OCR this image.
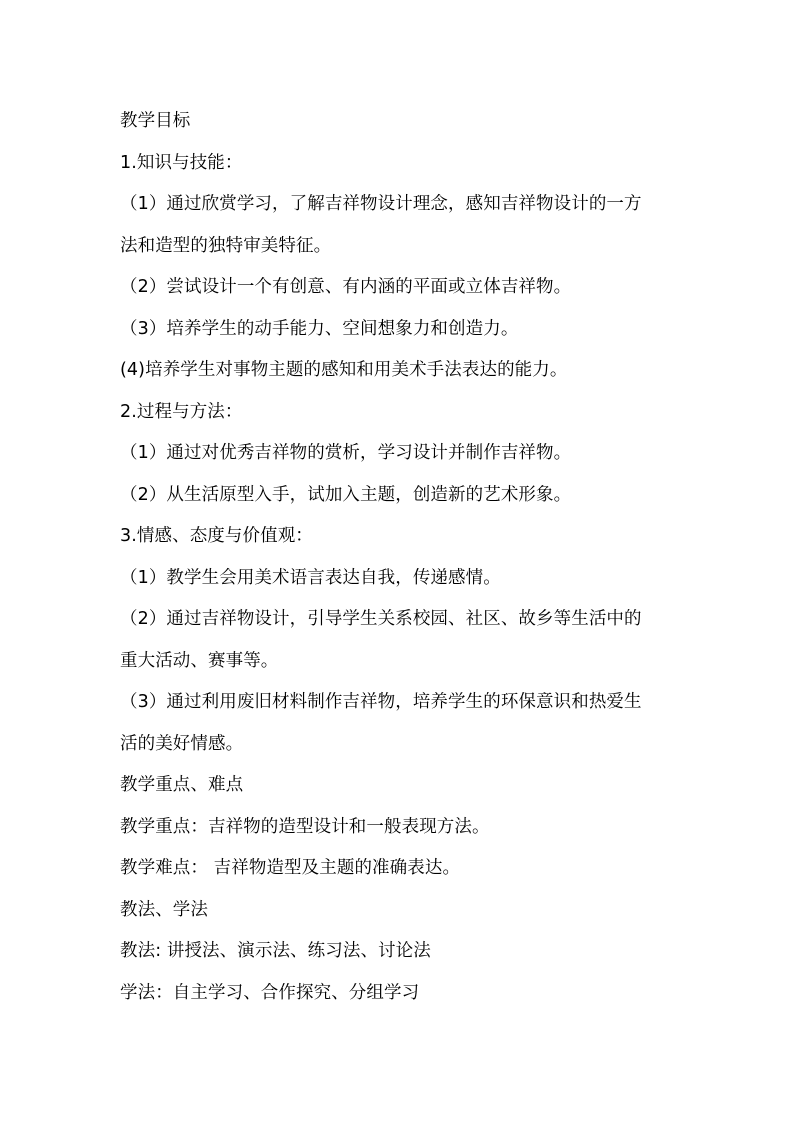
教学目标
1.知识与技能：
（1）通过欣赏学习，了解吉祥物设计理念，感知吉祥物设计的一方
法和造型的独特审美特征。
（2）尝试设计一个有创意、有内涵的平面或立体吉祥物。
（3）培养学生的动手能力、空间想象力和创造力。
(4)培养学生对事物主题的感知和用美术手法表达的能力。
2.过程与方法：
（1）通过对优秀吉祥物的赏析，学习设计并制作吉祥物。
（2）从生活原型入手，试加入主题，创造新的艺术形象。
3.情感、态度与价值观：
（1）教学生会用美术语言表达自我，传递感情。
（2）通过吉祥物设计，引导学生关系校园、社区、故乡等生活中的
重大活动、赛事等。
（3）通过利用废旧材料制作吉祥物，培养学生的环保意识和热爱生
活的美好情感。
教学重点、难点
教学重点：吉祥物的造型设计和一般表现方法。
教学难点： 吉祥物造型及主题的准确表达。
教法、学法
教法: 讲授法、演示法、练习法、讨论法
学法：自主学习、合作探究、分组学习
